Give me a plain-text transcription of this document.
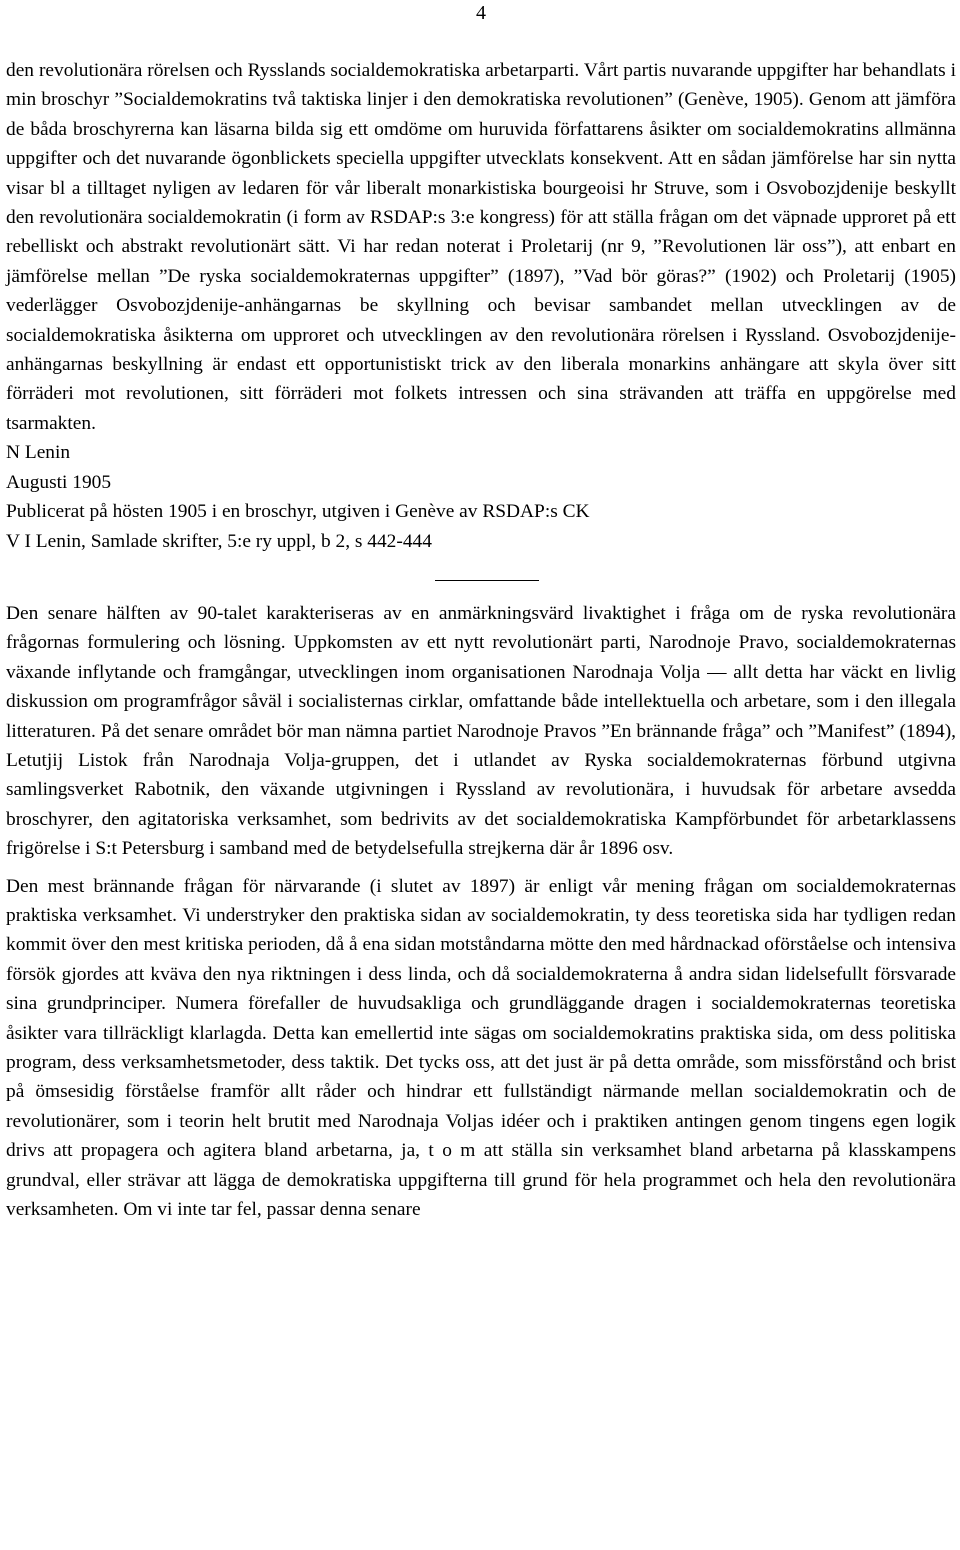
4

den revolutionära rörelsen och Rysslands socialdemokratiska arbetarparti. Vårt partis nuvarande uppgifter har behandlats i min broschyr ”Socialdemokratins två taktiska linjer i den demokratiska revolutionen” (Genève, 1905). Genom att jämföra de båda broschyrerna kan läsarna bilda sig ett omdöme om huruvida författarens åsikter om socialdemokratins allmänna uppgifter och det nuvarande ögonblickets speciella uppgifter utvecklats konsekvent. Att en sådan jämförelse har sin nytta visar bl a tilltaget nyligen av ledaren för vår liberalt monarkistiska bourgeoisi hr Struve, som i Osvobozjdenije beskyllt den revolutionära socialdemokratin (i form av RSDAP:s 3:e kongress) för att ställa frågan om det väpnade upproret på ett rebelliskt och abstrakt revolutionärt sätt. Vi har redan noterat i Proletarij (nr 9, ”Revolutionen lär oss”), att enbart en jämförelse mellan ”De ryska socialdemokraternas uppgifter” (1897), ”Vad bör göras?” (1902) och Proletarij (1905) vederlägger Osvobozjdenije-anhängarnas be skyllning och bevisar sambandet mellan utvecklingen av de socialdemokratiska åsikterna om upproret och utvecklingen av den revolutionära rörelsen i Ryssland. Osvobozjdenije-anhängarnas beskyllning är endast ett opportunistiskt trick av den liberala monarkins anhängare att skyla över sitt förräderi mot revolutionen, sitt förräderi mot folkets intressen och sina strävanden att träffa en uppgörelse med tsarmakten.

N Lenin

Augusti 1905

Publicerat på hösten 1905 i en broschyr, utgiven i Genève av RSDAP:s CK

V I Lenin, Samlade skrifter, 5:e ry uppl, b 2, s 442-444

Den senare hälften av 90-talet karakteriseras av en anmärkningsvärd livaktighet i fråga om de ryska revolutionära frågornas formulering och lösning. Uppkomsten av ett nytt revolutionärt parti, Narodnoje Pravo, socialdemokraternas växande inflytande och framgångar, utvecklingen inom organisationen Narodnaja Volja — allt detta har väckt en livlig diskussion om programfrågor såväl i socialisternas cirklar, omfattande både intellektuella och arbetare, som i den illegala litteraturen. På det senare området bör man nämna partiet Narodnoje Pravos ”En brännande fråga” och ”Manifest” (1894), Letutjij Listok från Narodnaja Volja-gruppen, det i utlandet av Ryska socialdemokraternas förbund utgivna samlingsverket Rabotnik, den växande utgivningen i Ryssland av revolutionära, i huvudsak för arbetare avsedda broschyrer, den agitatoriska verksamhet, som bedrivits av det socialdemokratiska Kampförbundet för arbetarklassens frigörelse i S:t Petersburg i samband med de betydelsefulla strejkerna där år 1896 osv.

Den mest brännande frågan för närvarande (i slutet av 1897) är enligt vår mening frågan om socialdemokraternas praktiska verksamhet. Vi understryker den praktiska sidan av socialdemokratin, ty dess teoretiska sida har tydligen redan kommit över den mest kritiska perioden, då å ena sidan motståndarna mötte den med hårdnackad oförståelse och intensiva försök gjordes att kväva den nya riktningen i dess linda, och då socialdemokraterna å andra sidan lidelsefullt försvarade sina grundprinciper. Numera förefaller de huvudsakliga och grundläggande dragen i socialdemokraternas teoretiska åsikter vara tillräckligt klarlagda. Detta kan emellertid inte sägas om socialdemokratins praktiska sida, om dess politiska program, dess verksamhetsmetoder, dess taktik. Det tycks oss, att det just är på detta område, som missförstånd och brist på ömsesidig förståelse framför allt råder och hindrar ett fullständigt närmande mellan socialdemokratin och de revolutionärer, som i teorin helt brutit med Narodnaja Voljas idéer och i praktiken antingen genom tingens egen logik drivs att propagera och agitera bland arbetarna, ja, t o m att ställa sin verksamhet bland arbetarna på klasskampens grundval, eller strävar att lägga de demokratiska uppgifterna till grund för hela programmet och hela den revolutionära verksamheten. Om vi inte tar fel, passar denna senare
